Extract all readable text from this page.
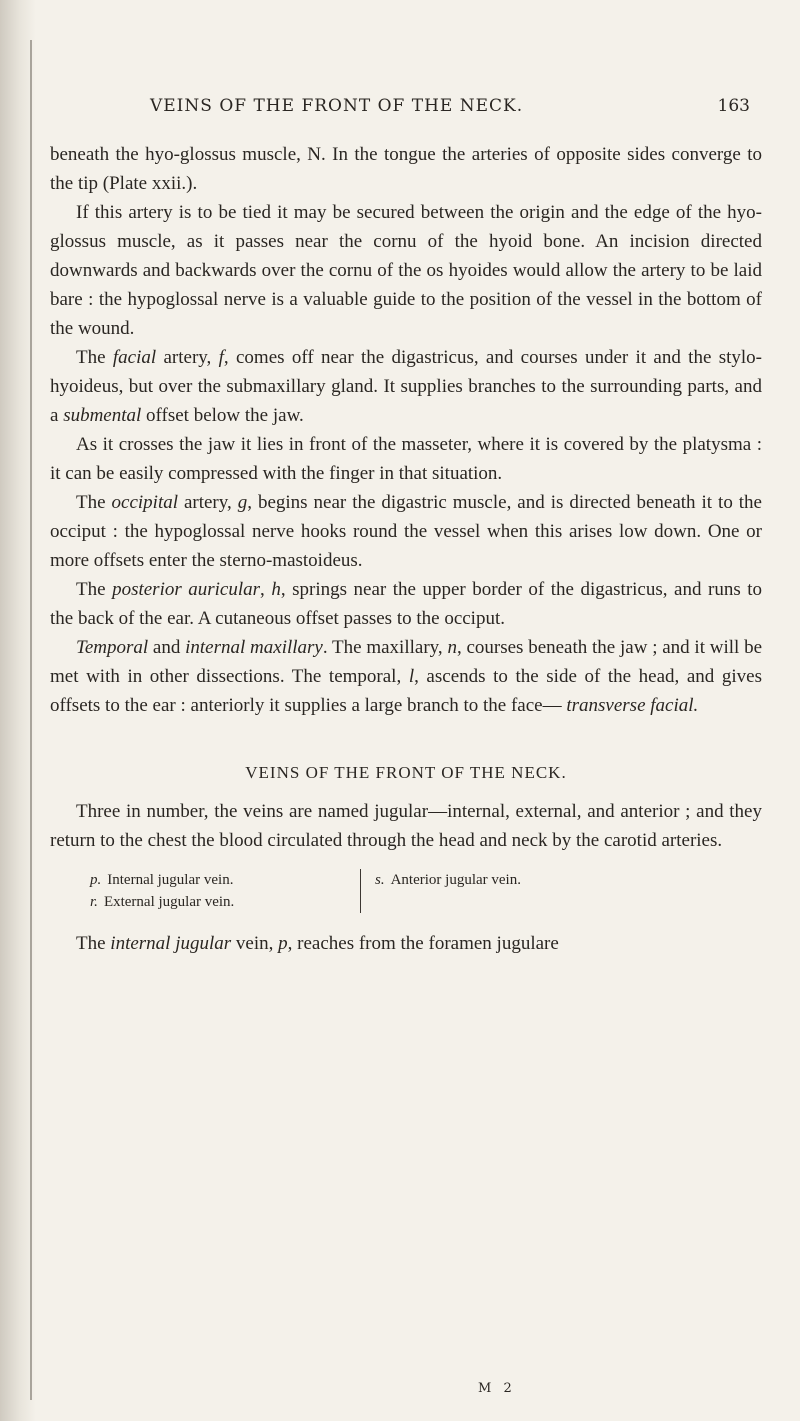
VEINS OF THE FRONT OF THE NECK.	163

beneath the hyo-glossus muscle, N. In the tongue the arteries of opposite sides converge to the tip (Plate xxii.).

If this artery is to be tied it may be secured between the origin and the edge of the hyo-glossus muscle, as it passes near the cornu of the hyoid bone. An incision directed downwards and backwards over the cornu of the os hyoides would allow the artery to be laid bare : the hypoglossal nerve is a valuable guide to the position of the vessel in the bottom of the wound.

The facial artery, f, comes off near the digastricus, and courses under it and the stylo-hyoideus, but over the submaxillary gland. It supplies branches to the surrounding parts, and a submental offset below the jaw.

As it crosses the jaw it lies in front of the masseter, where it is covered by the platysma : it can be easily compressed with the finger in that situation.

The occipital artery, g, begins near the digastric muscle, and is directed beneath it to the occiput : the hypoglossal nerve hooks round the vessel when this arises low down. One or more offsets enter the sterno-mastoideus.

The posterior auricular, h, springs near the upper border of the digastricus, and runs to the back of the ear. A cutaneous offset passes to the occiput.

Temporal and internal maxillary. The maxillary, n, courses beneath the jaw ; and it will be met with in other dissections. The temporal, l, ascends to the side of the head, and gives offsets to the ear : anteriorly it supplies a large branch to the face— transverse facial.

VEINS OF THE FRONT OF THE NECK.

Three in number, the veins are named jugular—internal, external, and anterior ; and they return to the chest the blood circulated through the head and neck by the carotid arteries.

p. Internal jugular vein.
r. External jugular vein.
s. Anterior jugular vein.

The internal jugular vein, p, reaches from the foramen jugulare

M 2
